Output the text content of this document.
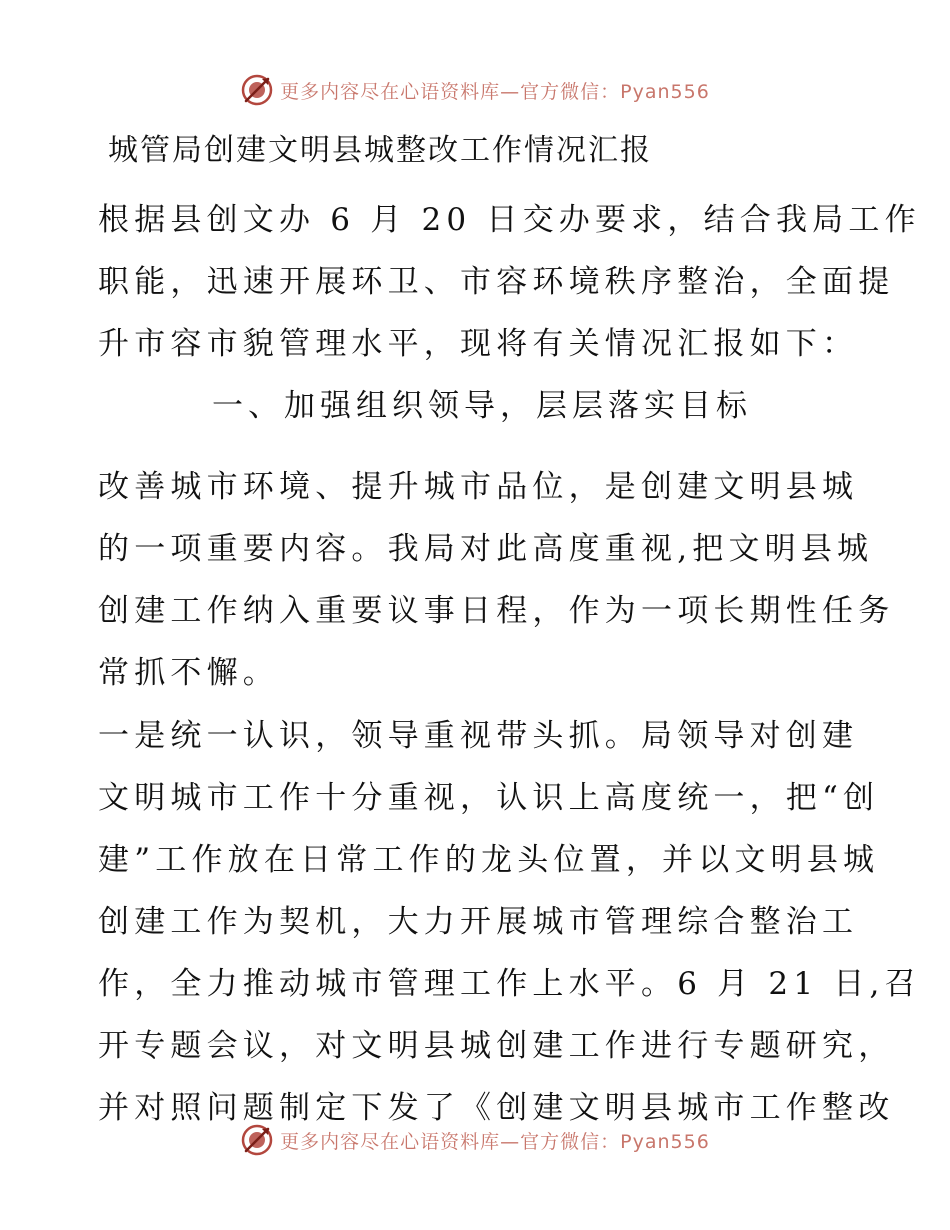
更多内容尽在心语资料库—官方微信：Pyan556
城管局创建文明县城整改工作情况汇报

根据县创文办 6 月 20 日交办要求，结合我局工作
职能，迅速开展环卫、市容环境秩序整治，全面提
升市容市貌管理水平，现将有关情况汇报如下：

一、加强组织领导，层层落实目标

改善城市环境、提升城市品位，是创建文明县城
的一项重要内容。我局对此高度重视,把文明县城
创建工作纳入重要议事日程，作为一项长期性任务
常抓不懈。

一是统一认识，领导重视带头抓。局领导对创建
文明城市工作十分重视，认识上高度统一，把“创
建”工作放在日常工作的龙头位置，并以文明县城
创建工作为契机，大力开展城市管理综合整治工
作，全力推动城市管理工作上水平。6 月 21 日,召
开专题会议，对文明县城创建工作进行专题研究，
并对照问题制定下发了《创建文明县城市工作整改

更多内容尽在心语资料库—官方微信：Pyan556
